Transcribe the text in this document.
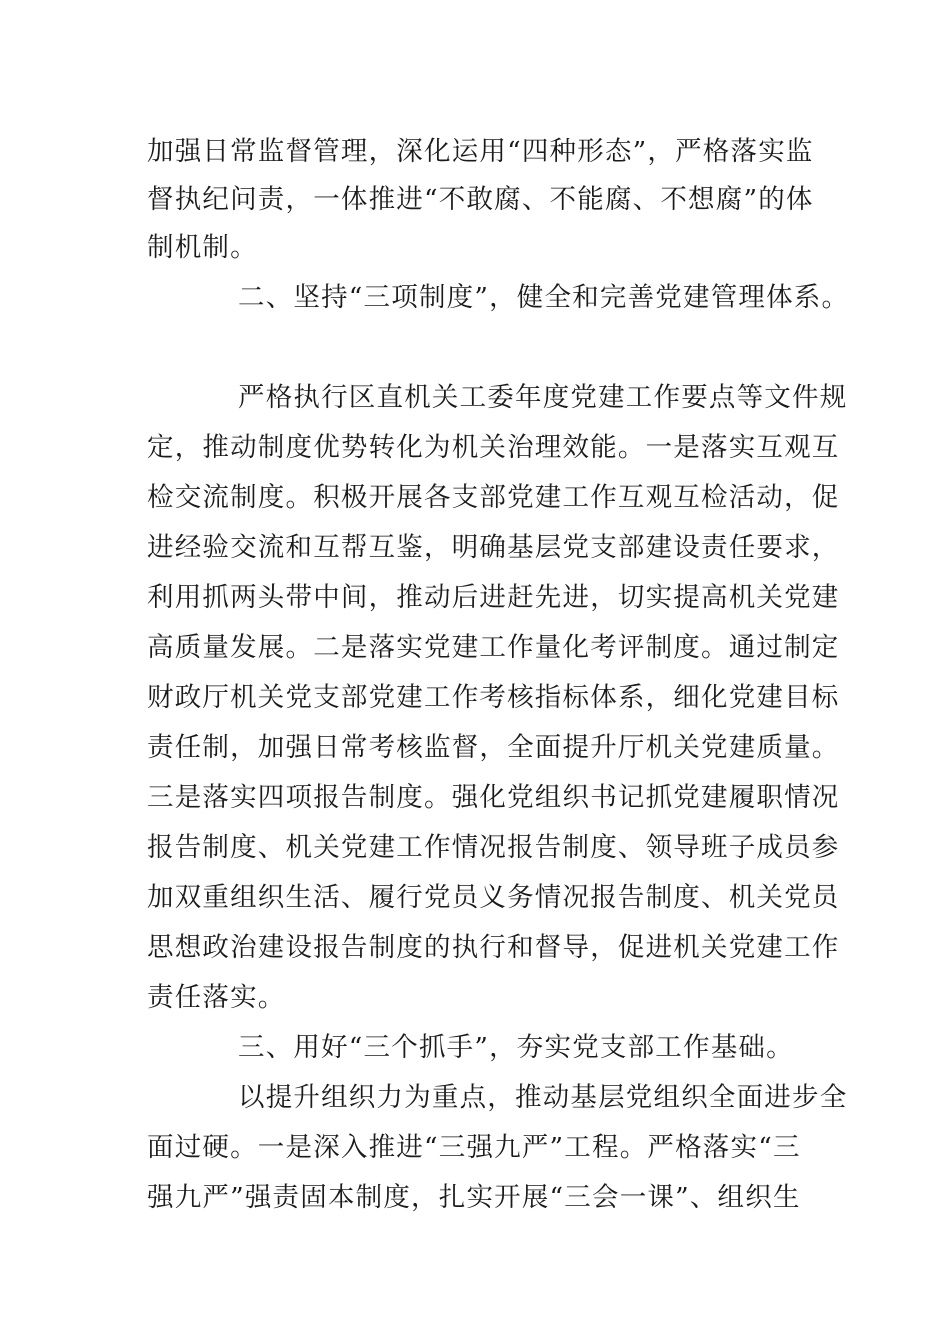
加强日常监督管理，深化运用“四种形态”，严格落实监
督执纪问责，一体推进“不敢腐、不能腐、不想腐”的体
制机制。
二、坚持“三项制度”，健全和完善党建管理体系。
严格执行区直机关工委年度党建工作要点等文件规
定，推动制度优势转化为机关治理效能。一是落实互观互
检交流制度。积极开展各支部党建工作互观互检活动，促
进经验交流和互帮互鉴，明确基层党支部建设责任要求，
利用抓两头带中间，推动后进赶先进，切实提高机关党建
高质量发展。二是落实党建工作量化考评制度。通过制定
财政厅机关党支部党建工作考核指标体系，细化党建目标
责任制，加强日常考核监督，全面提升厅机关党建质量。
三是落实四项报告制度。强化党组织书记抓党建履职情况
报告制度、机关党建工作情况报告制度、领导班子成员参
加双重组织生活、履行党员义务情况报告制度、机关党员
思想政治建设报告制度的执行和督导，促进机关党建工作
责任落实。
三、用好“三个抓手”，夯实党支部工作基础。
以提升组织力为重点，推动基层党组织全面进步全
面过硬。一是深入推进“三强九严”工程。严格落实“三
强九严”强责固本制度，扎实开展“三会一课”、组织生
